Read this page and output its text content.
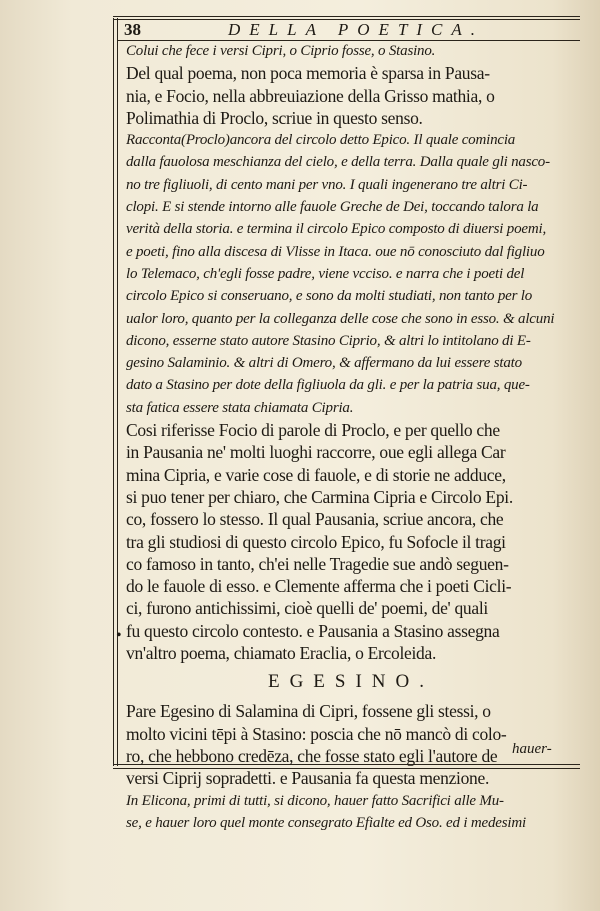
38	DELLA POETICA.
•
Colui che fece i versi Cipri, o Ciprio fosse, o Stasino.
Del qual poema, non poca memoria è sparsa in Pausa-
nia, e Focio, nella abbreuiazione della Grisso mathia, o
Polimathia di Proclo, scriue in questo senso.
Racconta(Proclo)ancora del circolo detto Epico. Il quale comincia
dalla fauolosa meschianza del cielo, e della terra. Dalla quale gli nasco-
no tre figliuoli, di cento mani per vno. I quali ingenerano tre altri Ci-
clopi. E si stende intorno alle fauole Greche de Dei, toccando talora la
verità della storia. e termina il circolo Epico composto di diuersi poemi,
e poeti, fino alla discesa di Vlisse in Itaca. oue nō conosciuto dal figliuo
lo Telemaco, ch'egli fosse padre, viene vcciso. e narra che i poeti del
circolo Epico si conseruano, e sono da molti studiati, non tanto per lo
ualor loro, quanto per la colleganza delle cose che sono in esso. & alcuni
dicono, esserne stato autore Stasino Ciprio, & altri lo intitolano di E-
gesino Salaminio. & altri di Omero, & affermano da lui essere stato
dato a Stasino per dote della figliuola da gli. e per la patria sua, que-
sta fatica essere stata chiamata Cipria.
Cosi riferisse Focio di parole di Proclo, e per quello che
in Pausania ne' molti luoghi raccorre, oue egli allega Car
mina Cipria, e varie cose di fauole, e di storie ne adduce,
si puo tener per chiaro, che Carmina Cipria e Circolo Epi.
co, fossero lo stesso. Il qual Pausania, scriue ancora, che
tra gli studiosi di questo circolo Epico, fu Sofocle il tragi
co famoso in tanto, ch'ei nelle Tragedie sue andò seguen-
do le fauole di esso. e Clemente afferma che i poeti Cicli-
ci, furono antichissimi, cioè quelli de' poemi, de' quali
fu questo circolo contesto. e Pausania a Stasino assegna
vn'altro poema, chiamato Eraclia, o Ercoleida.
EGESINO.
Pare Egesino di Salamina di Cipri, fossene gli stessi, o
molto vicini tēpi à Stasino: poscia che nō mancò di colo-
ro, che hebbono credēza, che fosse stato egli l'autore de
versi Ciprij sopradetti. e Pausania fa questa menzione.
In Elicona, primi di tutti, si dicono, hauer fatto Sacrifici alle Mu-
se, e hauer loro quel monte consegrato Efialte ed Oso. ed i medesimi
hauer-
